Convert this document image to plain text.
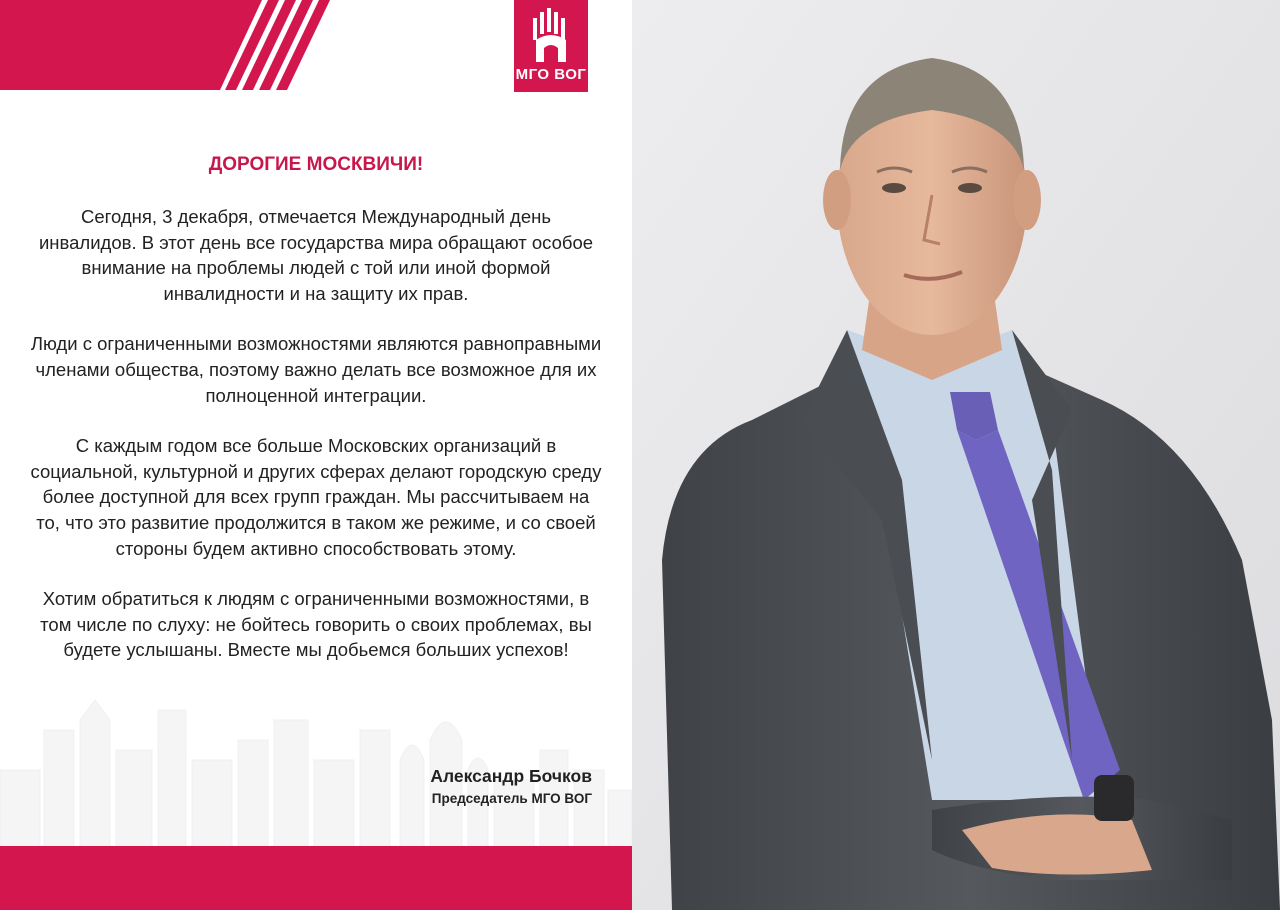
МГО ВОГ
ДОРОГИЕ МОСКВИЧИ!

Сегодня, 3 декабря, отмечается Международный день инвалидов. В этот день все государства мира обращают особое внимание на проблемы людей с той или иной формой инвалидности и на защиту их прав.

Люди с ограниченными возможностями являются равноправными членами общества, поэтому важно делать все возможное для их полноценной интеграции.

С каждым годом все больше Московских организаций в социальной, культурной и других сферах делают городскую среду более доступной для всех групп граждан. Мы рассчитываем на то, что это развитие продолжится в таком же режиме, и со своей стороны будем активно способствовать этому.

Хотим обратиться к людям с ограниченными возможностями, в том числе по слуху: не бойтесь говорить о своих проблемах, вы будете услышаны. Вместе мы добьемся больших успехов!

Александр Бочков
Председатель МГО ВОГ
